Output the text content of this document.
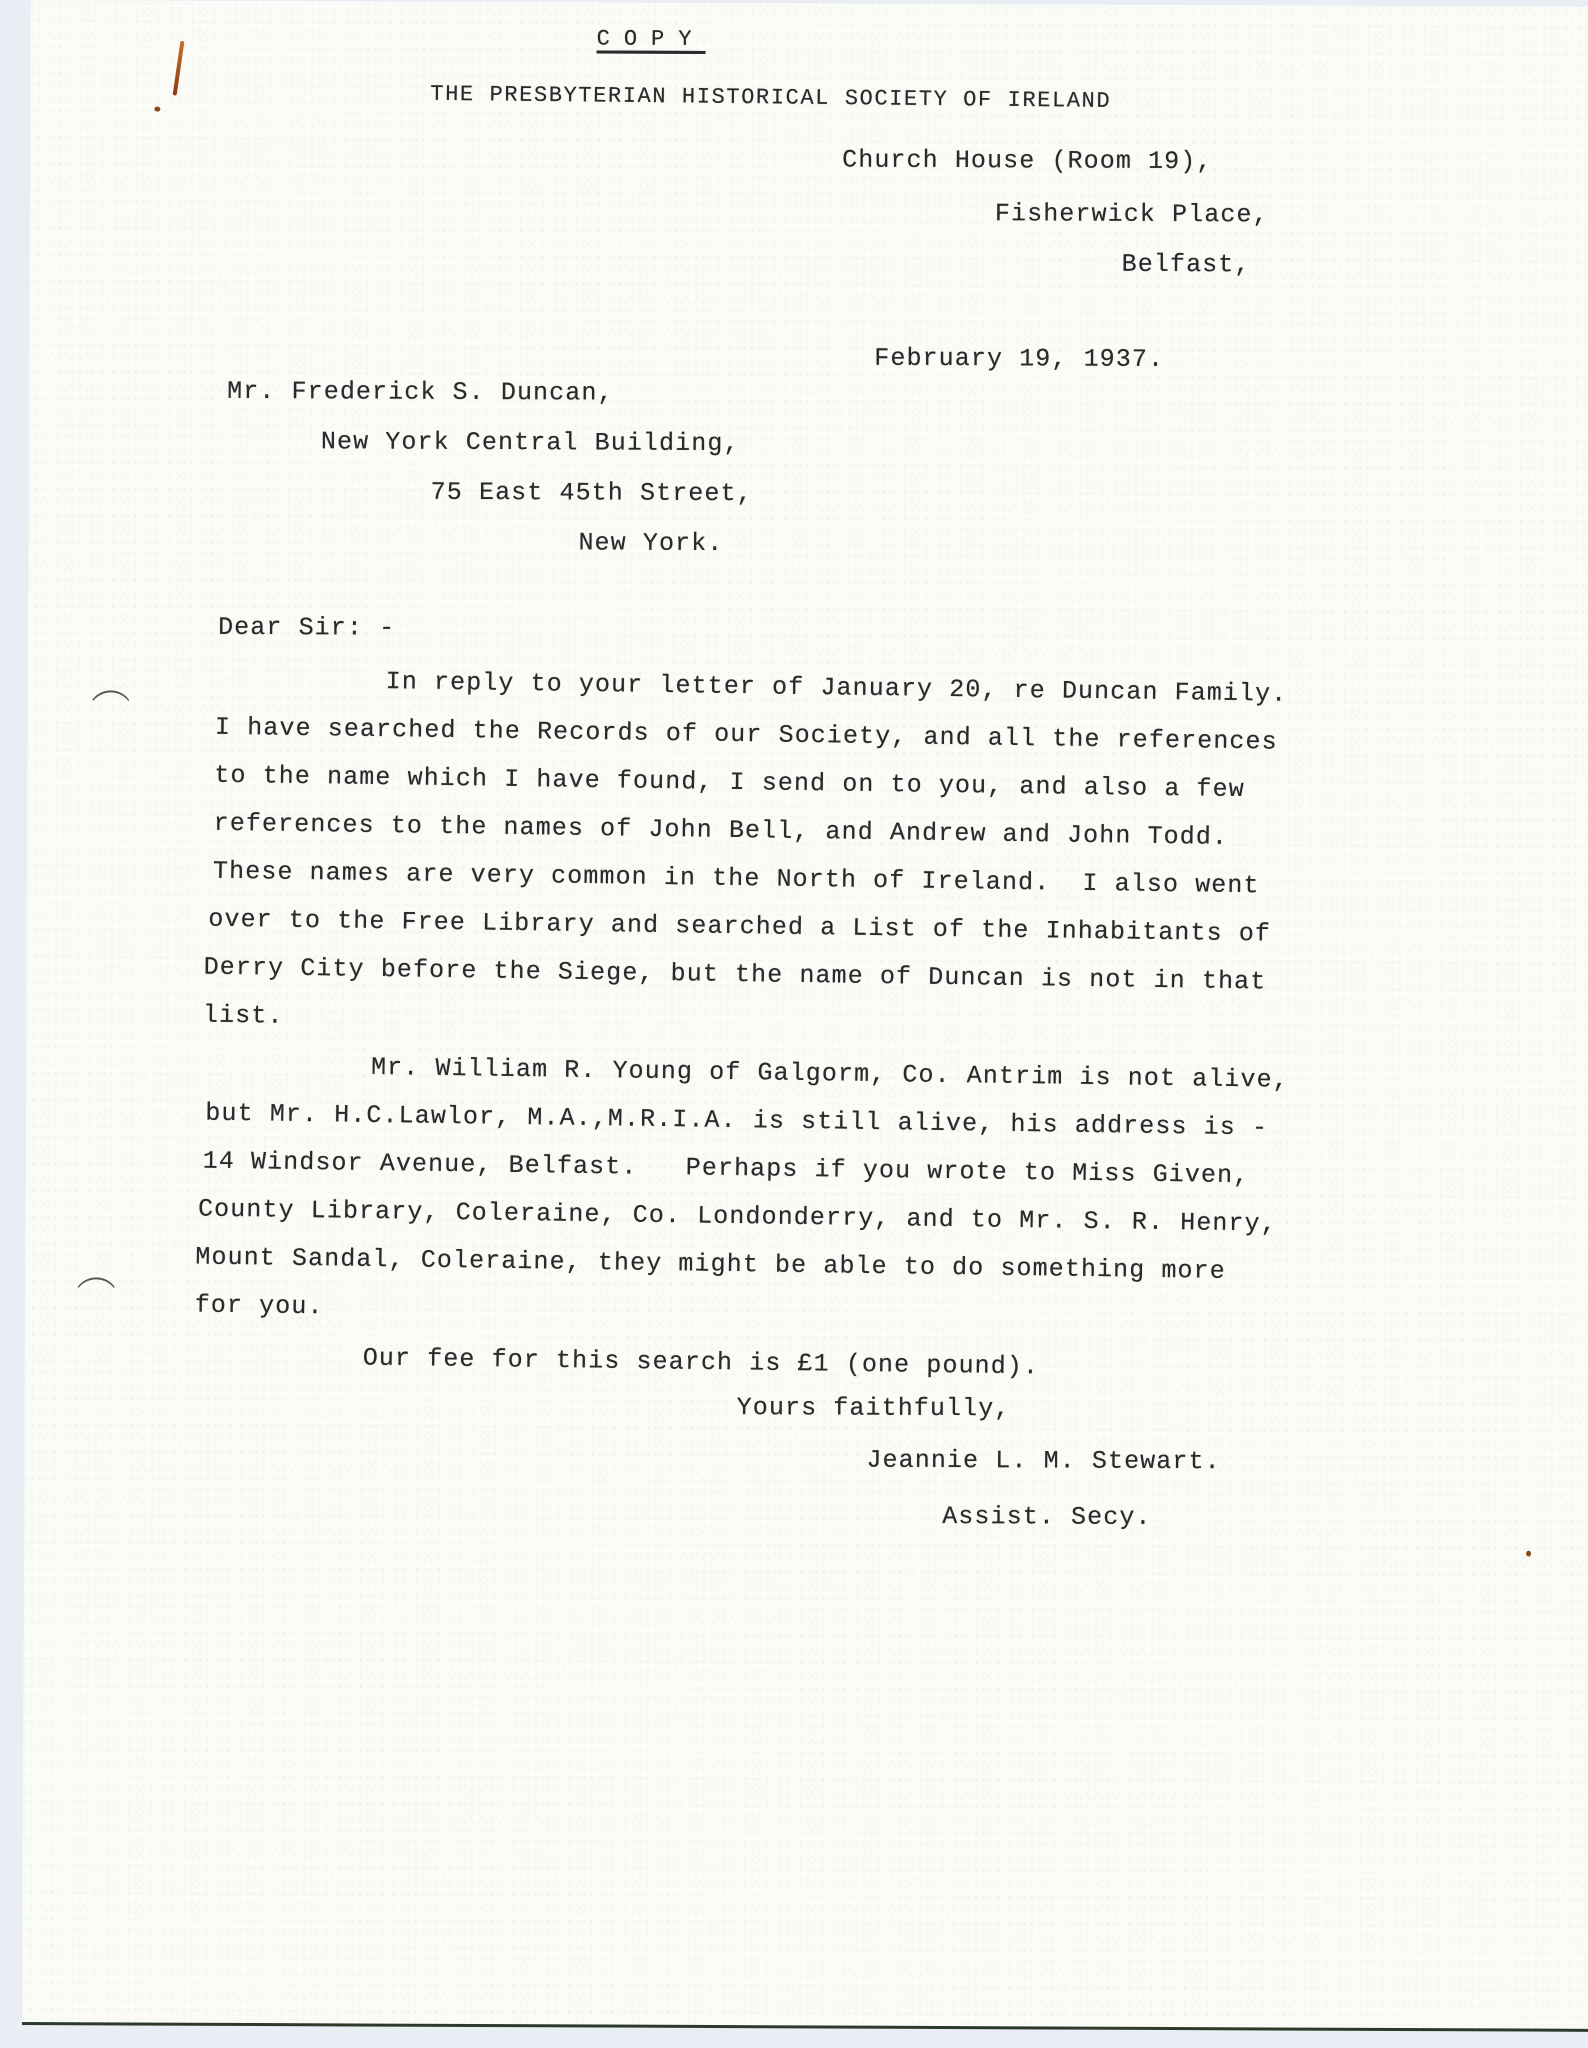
COPY
THE PRESBYTERIAN HISTORICAL SOCIETY OF IRELAND
Church House (Room 19),
Fisherwick Place,
Belfast,
February 19, 1937.
Mr. Frederick S. Duncan,
New York Central Building,
75 East 45th Street,
New York.
Dear Sir: -
In reply to your letter of January 20, re Duncan Family.
I have searched the Records of our Society, and all the references
to the name which I have found, I send on to you, and also a few
references to the names of John Bell, and Andrew and John Todd.
These names are very common in the North of Ireland.  I also went
over to the Free Library and searched a List of the Inhabitants of
Derry City before the Siege, but the name of Duncan is not in that
list.
Mr. William R. Young of Galgorm, Co. Antrim is not alive,
but Mr. H.C.Lawlor, M.A.,M.R.I.A. is still alive, his address is -
14 Windsor Avenue, Belfast.   Perhaps if you wrote to Miss Given,
County Library, Coleraine, Co. Londonderry, and to Mr. S. R. Henry,
Mount Sandal, Coleraine, they might be able to do something more
for you.
Our fee for this search is £1 (one pound).
Yours faithfully,
Jeannie L. M. Stewart.
Assist. Secy.
